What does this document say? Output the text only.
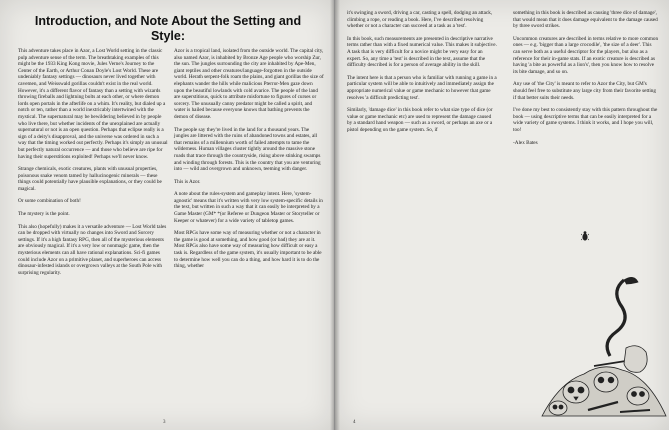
Introduction, and Note About the Setting and Style:

This adventure takes place in Azor, a Lost World setting in the classic pulp adventure sense of the term. The breathtaking examples of this might be the 1933 King Kong movie, Jules Verne's Journey to the Center of the Earth, or Arthur Conan Doyle's Lost World. These are undeniably fantasy settings — dinosaurs never lived together with cavemen, and Weisswald gorillas couldn't exist in the real world. However, it's a different flavor of fantasy than a setting with wizards throwing fireballs and lightning bolts at each other, or where demon lords open portals in the afterlife on a whim. It's reality, but dialed up a notch or ten, rather than a world inextricably intertwined with the mystical. The supernatural may be bewildering believed in by people who live there, but whether incidents of the unexplained are actually supernatural or not is an open question. Perhaps that eclipse really is a sign of a deity's disapproval, and the universe was ordered in such a way that the timing worked out perfectly. Perhaps it's simply an unusual but perfectly natural occurrence — and those who believe are ripe for having their superstitions exploited! Perhaps we'll never know.

Strange chemicals, exotic creatures, plants with unusual properties, poisonous snake venom tamed by hallucinogenic minerals — these things could potentially have plausible explanations, or they could be magical.

Or some combination of both!

The mystery is the point.

This also (hopefully) makes it a versatile adventure — Lost World tales can be dropped with virtually no changes into Sword and Sorcery settings. If it's a high fantasy RPG, then all of the mysterious elements are obviously magical. If it's a very low or nonmagic game, then the mysterious elements can all have rational explanations. Sci-fi games could include Azor on a primitive planet, and superheroes can access dinosaur-infested islands or overgrown valleys at the South Pole with surprising regularity.

Azor is a tropical land, isolated from the outside world. The capital city, also named Azor, is inhabited by Bronze Age people who worship Zur, the sun. The jungles surrounding the city are inhabited by Ape-Men, giant reptiles and other creatures/language-forgotten in the outside world. Herath serpent-folk roam the plains, and giant gorillas the size of elephants wander the hills while malicious Pterror-Men gaze down upon the beautiful lowlands with cold avarice. The people of the land are superstitious, quick to attribute misfortune to figures of curses or sorcery. The unusually canny predator might be called a spirit, and water is hailed because everyone knows that bathing prevents the demon of disease.

The people say they're lived in the land for a thousand years. The jungles are littered with the ruins of abandoned towns and estates, all that remains of a millennium worth of failed attempts to tame the wilderness. Human villages cluster tightly around the massive stone roads that trace through the countryside, rising above stinking swamps and winding through forests. This is the country that you are venturing into — wild and overgrown and unknown, teeming with danger.

This is Azor.

A note about the rules-system and gameplay intent. Here, 'system-agnostic' means that it's written with very low system-specific details in the text, but written in such a way that it can easily be interpreted by a Game Master (GM* *(or Referee or Dungeon Master or Storyteller or Keeper or whatever) for a wide variety of tabletop games.

Most RPGs have some way of measuring whether or not a character in the game is good at something, and how good (or bad) they are at it. Most RPGs also have some way of measuring how difficult or easy a task is. Regardless of the game system, it's usually important to be able to determine how well you can do a thing, and how hard it is to do the thing, whether

3

it's swinging a sword, driving a car, casting a spell, dodging an attack, climbing a rope, or reading a book. Here, I've described resolving whether or not a character can succeed at a task as a 'test'.

In this book, such measurements are presented in descriptive narrative terms rather than with a fixed numerical value. This makes it subjective. A task that is very difficult for a novice might be very easy for an expert. So, any time a 'test' is described in the text, assume that the difficulty described is for a person of average ability in the skill.

The intent here is that a person who is familiar with running a game in a particular system will be able to intuitively and immediately assign the appropriate numerical value or game mechanic to however that game resolves 'a difficult predicting test'.

Similarly, 'damage dice' in this book refer to what size type of dice (or value or game mechanic etc) are used to represent the damage caused by a standard hand weapon — such as a sword, or perhaps an axe or a pistol depending on the game system. So, if

something in this book is described as causing 'three dice of damage', that would mean that it does damage equivalent to the damage caused by three sword strikes.

Uncommon creatures are described in terms relative to more common ones — e.g. 'bigger than a large crocodile', 'the size of a deer'. This can serve both as a useful descriptor for the players, but also as a reference for their in-game stats. If an exotic creature is described as having 'a bite as powerful as a lion's', then you know how to resolve its bite damage, and so on.

Any use of 'the City' is meant to refer to Azor the City, but GM's should feel free to substitute any large city from their favorite setting if that better suits their needs.

I've done my best to consistently stay with this pattern throughout the book — using descriptive terms that can be easily interpreted for a wide variety of game systems. I think it works, and I hope you will, too!

-Alex Bates

4
